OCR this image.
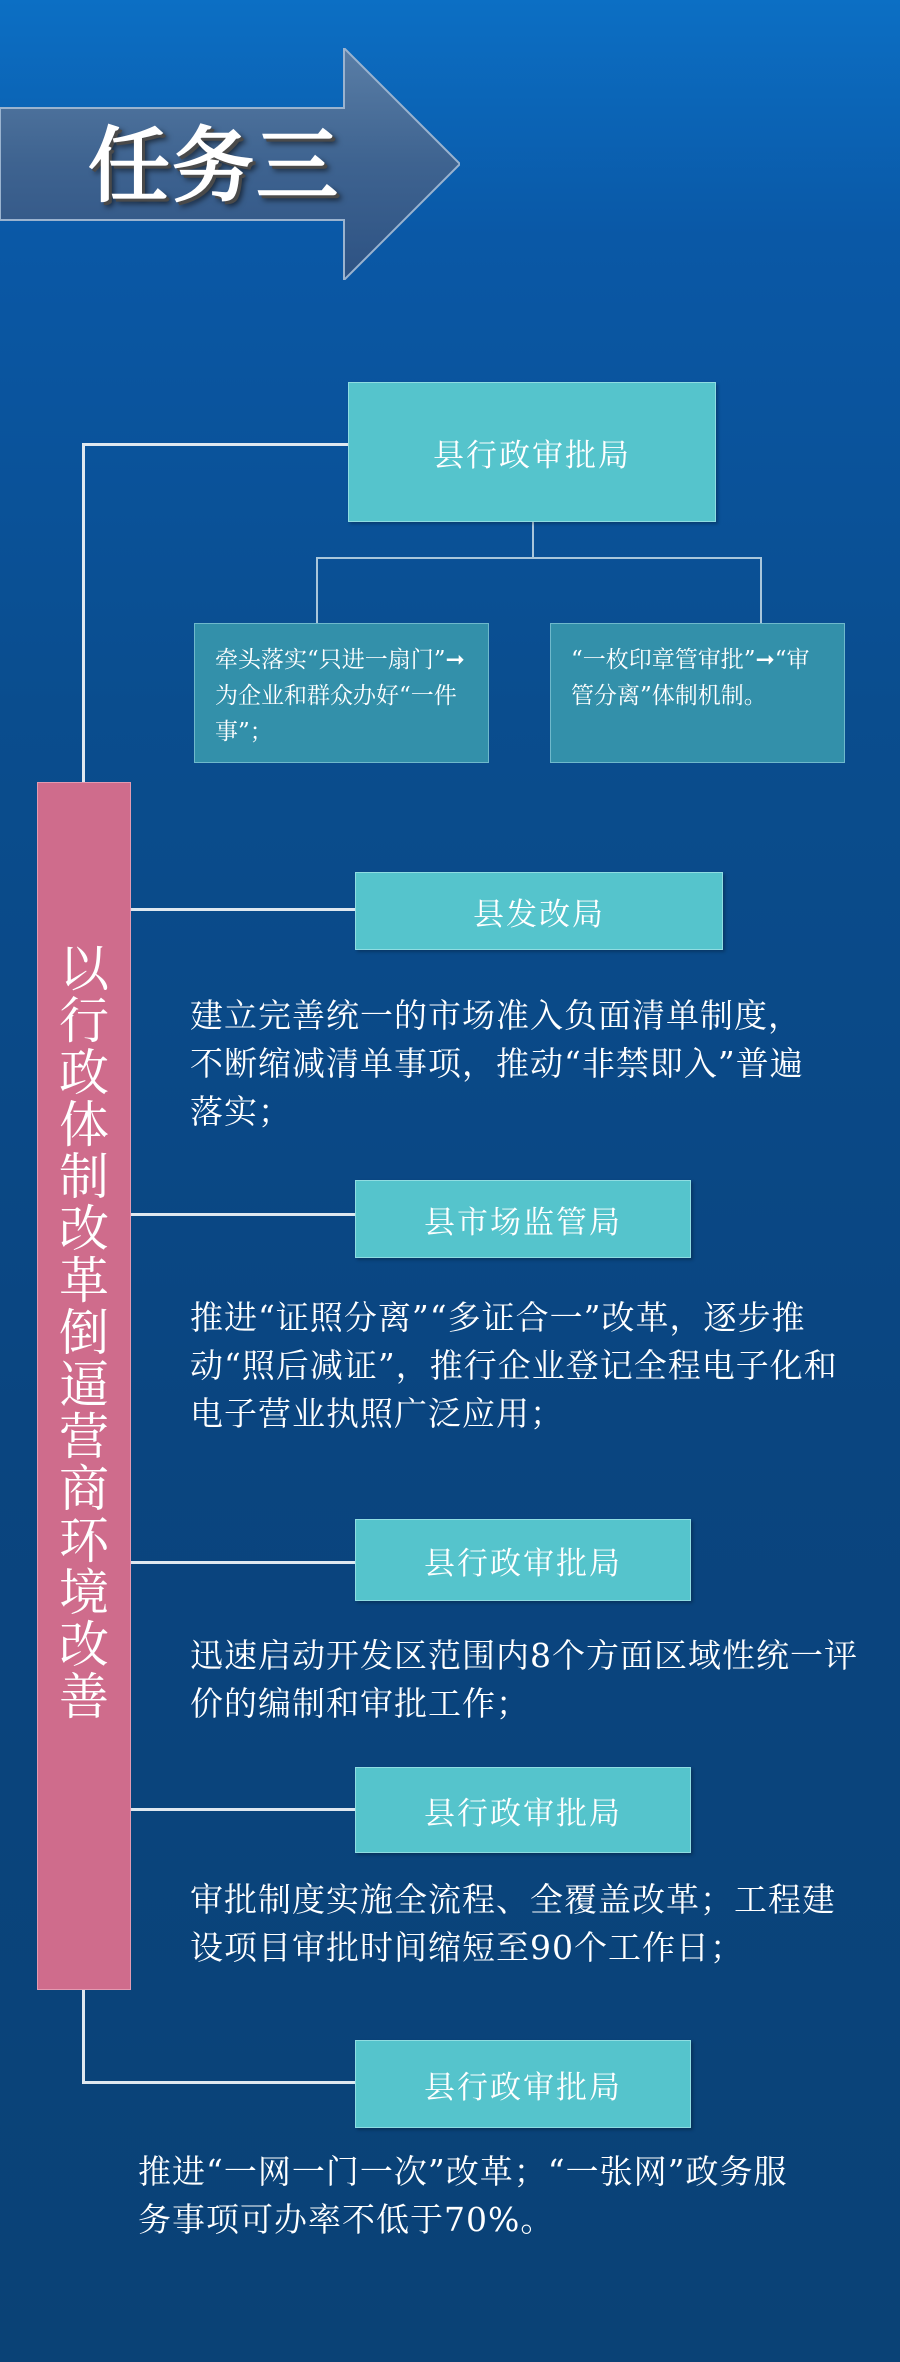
任务三
县行政审批局
牵头落实“只进一扇门”➞为企业和群众办好“一件事”；
“一枚印章管审批”➞“审管分离”体制机制。
以
行
政
体
制
改
革
倒
逼
营
商
环
境
改
善
县发改局
建立完善统一的市场准入负面清单制度，不断缩减清单事项，推动“非禁即入”普遍落实；
县市场监管局
推进“证照分离”“多证合一”改革，逐步推动“照后减证”，推行企业登记全程电子化和电子营业执照广泛应用；
县行政审批局
迅速启动开发区范围内8个方面区域性统一评价的编制和审批工作；
县行政审批局
审批制度实施全流程、全覆盖改革；工程建设项目审批时间缩短至90个工作日；
县行政审批局
推进“一网一门一次”改革；“一张网”政务服务事项可办率不低于70%。
